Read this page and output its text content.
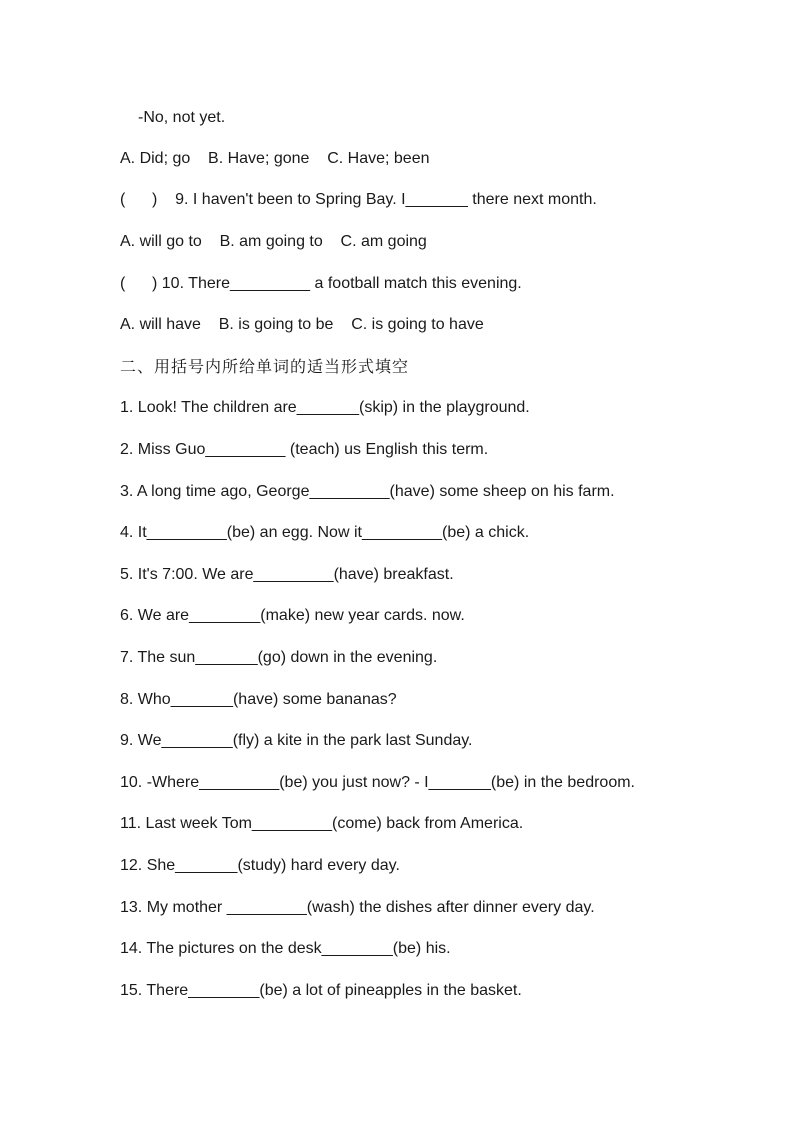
-No, not yet.
A. Did; go    B. Have; gone    C. Have; been
(      )    9. I haven't been to Spring Bay. I_______ there next month.
A. will go to    B. am going to    C. am going
(      ) 10. There_________ a football match this evening.
A. will have    B. is going to be    C. is going to have
二、用括号内所给单词的适当形式填空
1. Look! The children are_______(skip) in the playground.
2. Miss Guo_________ (teach) us English this term.
3. A long time ago, George_________(have) some sheep on his farm.
4. It_________(be) an egg. Now it_________(be) a chick.
5. It's 7:00. We are_________(have) breakfast.
6. We are________(make) new year cards. now.
7. The sun_______(go) down in the evening.
8. Who_______(have) some bananas?
9. We________(fly) a kite in the park last Sunday.
10. -Where_________(be) you just now? - I_______(be) in the bedroom.
11. Last week Tom_________(come) back from America.
12. She_______(study) hard every day.
13. My mother _________(wash) the dishes after dinner every day.
14. The pictures on the desk________(be) his.
15. There________(be) a lot of pineapples in the basket.
